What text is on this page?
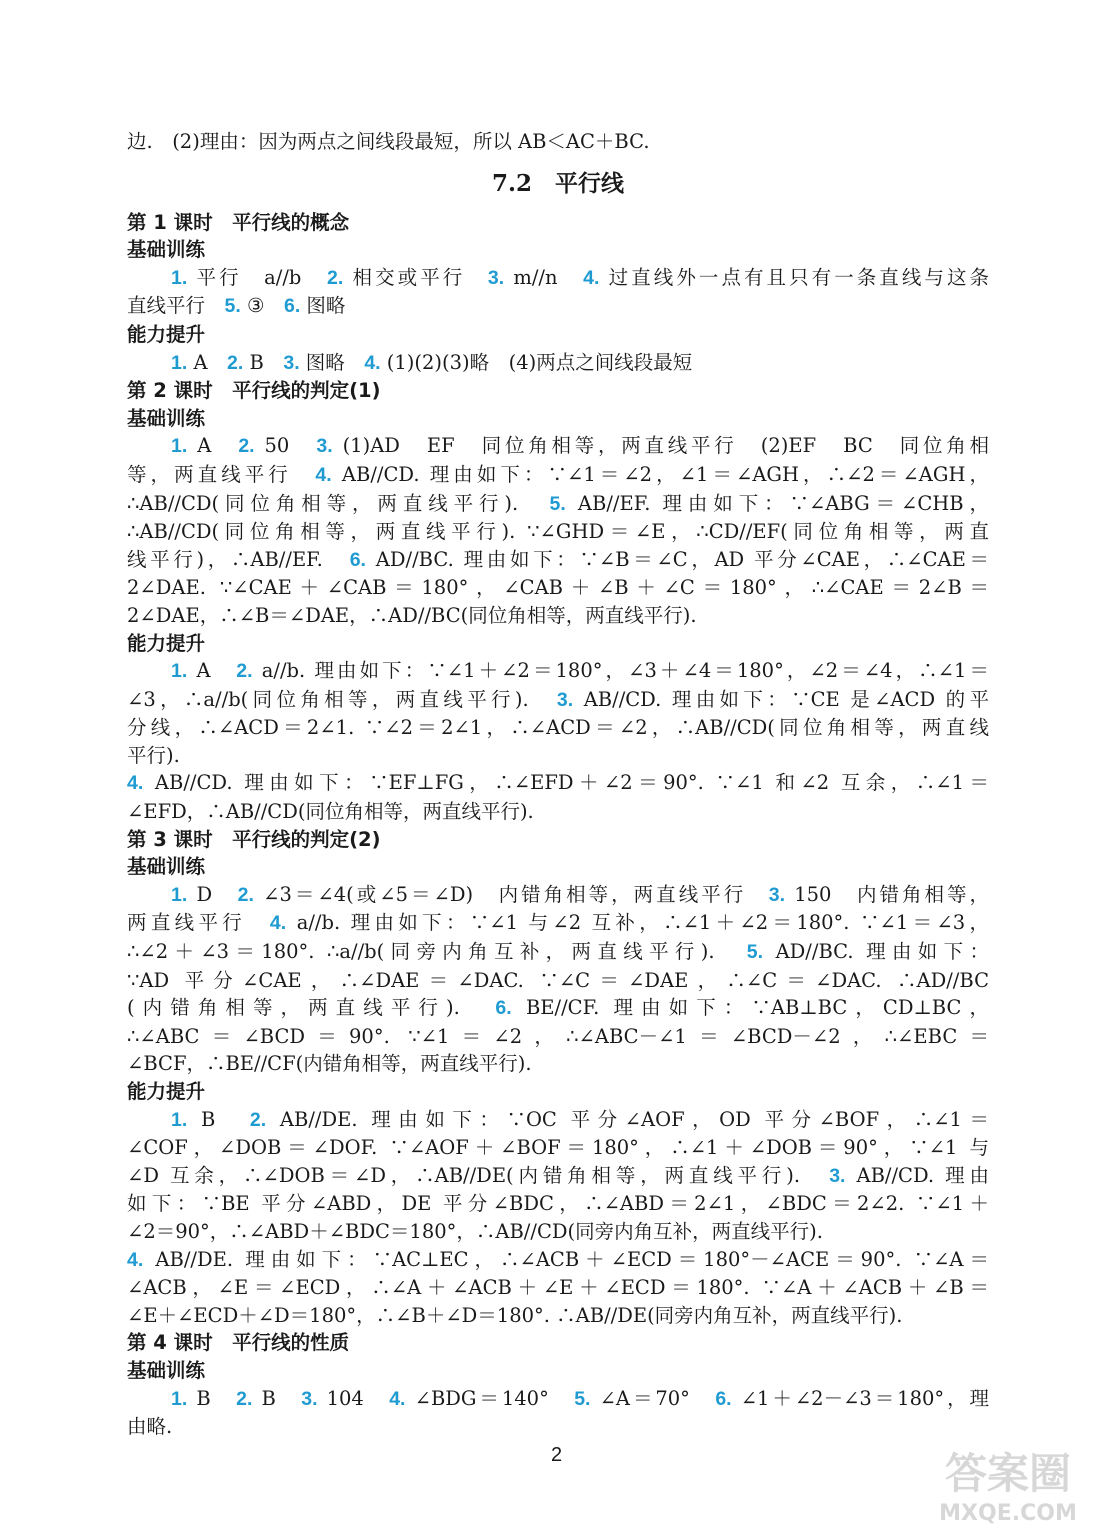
边.　(2)理由：因为两点之间线段最短，所以 AB＜AC＋BC.
7.2　平行线
第 1 课时　平行线的概念
基础训练
1. 平行　a//b　2. 相交或平行　3. m//n　4. 过直线外一点有且只有一条直线与这条
直线平行　5. ③　6. 图略
能力提升
1. A　2. B　3. 图略　4. (1)(2)(3)略　(4)两点之间线段最短
第 2 课时　平行线的判定(1)
基础训练
1. A　2. 50　3. (1)AD　EF　同位角相等，两直线平行　(2)EF　BC　同位角相
等，两直线平行　4. AB//CD. 理由如下：∵∠1＝∠2，∠1＝∠AGH，∴∠2＝∠AGH，
∴AB//CD(同位角相等，两直线平行).　5. AB//EF. 理由如下：∵∠ABG＝∠CHB，
∴AB//CD(同位角相等，两直线平行). ∵∠GHD＝∠E，∴CD//EF(同位角相等，两直
线平行)，∴AB//EF.　6. AD//BC. 理由如下：∵∠B＝∠C，AD 平分∠CAE，∴∠CAE＝
2∠DAE. ∵∠CAE＋∠CAB＝180°，∠CAB＋∠B＋∠C＝180°，∴∠CAE＝2∠B＝
2∠DAE，∴∠B＝∠DAE，∴AD//BC(同位角相等，两直线平行).
能力提升
1. A　2. a//b. 理由如下：∵∠1＋∠2＝180°，∠3＋∠4＝180°，∠2＝∠4，∴∠1＝
∠3，∴a//b(同位角相等，两直线平行).　3. AB//CD. 理由如下：∵CE 是∠ACD 的平
分线，∴∠ACD＝2∠1. ∵∠2＝2∠1，∴∠ACD＝∠2，∴AB//CD(同位角相等，两直线
平行).
4. AB//CD. 理由如下：∵EF⊥FG，∴∠EFD＋∠2＝90°. ∵∠1 和∠2 互余，∴∠1＝
∠EFD，∴AB//CD(同位角相等，两直线平行).
第 3 课时　平行线的判定(2)
基础训练
1. D　2. ∠3＝∠4(或∠5＝∠D)　内错角相等，两直线平行　3. 150　内错角相等，
两直线平行　4. a//b. 理由如下：∵∠1 与∠2 互补，∴∠1＋∠2＝180°. ∵∠1＝∠3，
∴∠2＋∠3＝180°. ∴a//b(同旁内角互补，两直线平行).　5. AD//BC. 理由如下：
∵AD 平分∠CAE，∴∠DAE＝∠DAC. ∵∠C＝∠DAE，∴∠C＝∠DAC. ∴AD//BC
(内错角相等，两直线平行).　6. BE//CF. 理由如下：∵AB⊥BC，CD⊥BC，
∴∠ABC＝∠BCD＝90°. ∵∠1＝∠2，∴∠ABC－∠1＝∠BCD－∠2，∴∠EBC＝
∠BCF，∴BE//CF(内错角相等，两直线平行).
能力提升
1. B　2. AB//DE. 理由如下：∵OC 平分∠AOF，OD 平分∠BOF，∴∠1＝
∠COF，∠DOB＝∠DOF. ∵∠AOF＋∠BOF＝180°，∴∠1＋∠DOB＝90°，∵∠1 与
∠D 互余，∴∠DOB＝∠D，∴AB//DE(内错角相等，两直线平行).　3. AB//CD. 理由
如下：∵BE 平分∠ABD，DE 平分∠BDC，∴∠ABD＝2∠1，∠BDC＝2∠2. ∵∠1＋
∠2＝90°，∴∠ABD＋∠BDC＝180°，∴AB//CD(同旁内角互补，两直线平行).
4. AB//DE. 理由如下：∵AC⊥EC，∴∠ACB＋∠ECD＝180°－∠ACE＝90°. ∵∠A＝
∠ACB，∠E＝∠ECD，∴∠A＋∠ACB＋∠E＋∠ECD＝180°. ∵∠A＋∠ACB＋∠B＝
∠E＋∠ECD＋∠D＝180°，∴∠B＋∠D＝180°. ∴AB//DE(同旁内角互补，两直线平行).
第 4 课时　平行线的性质
基础训练
1. B　2. B　3. 104　4. ∠BDG＝140°　5. ∠A＝70°　6. ∠1＋∠2－∠3＝180°，理
由略.
2	答案圈
MXQE.COM
